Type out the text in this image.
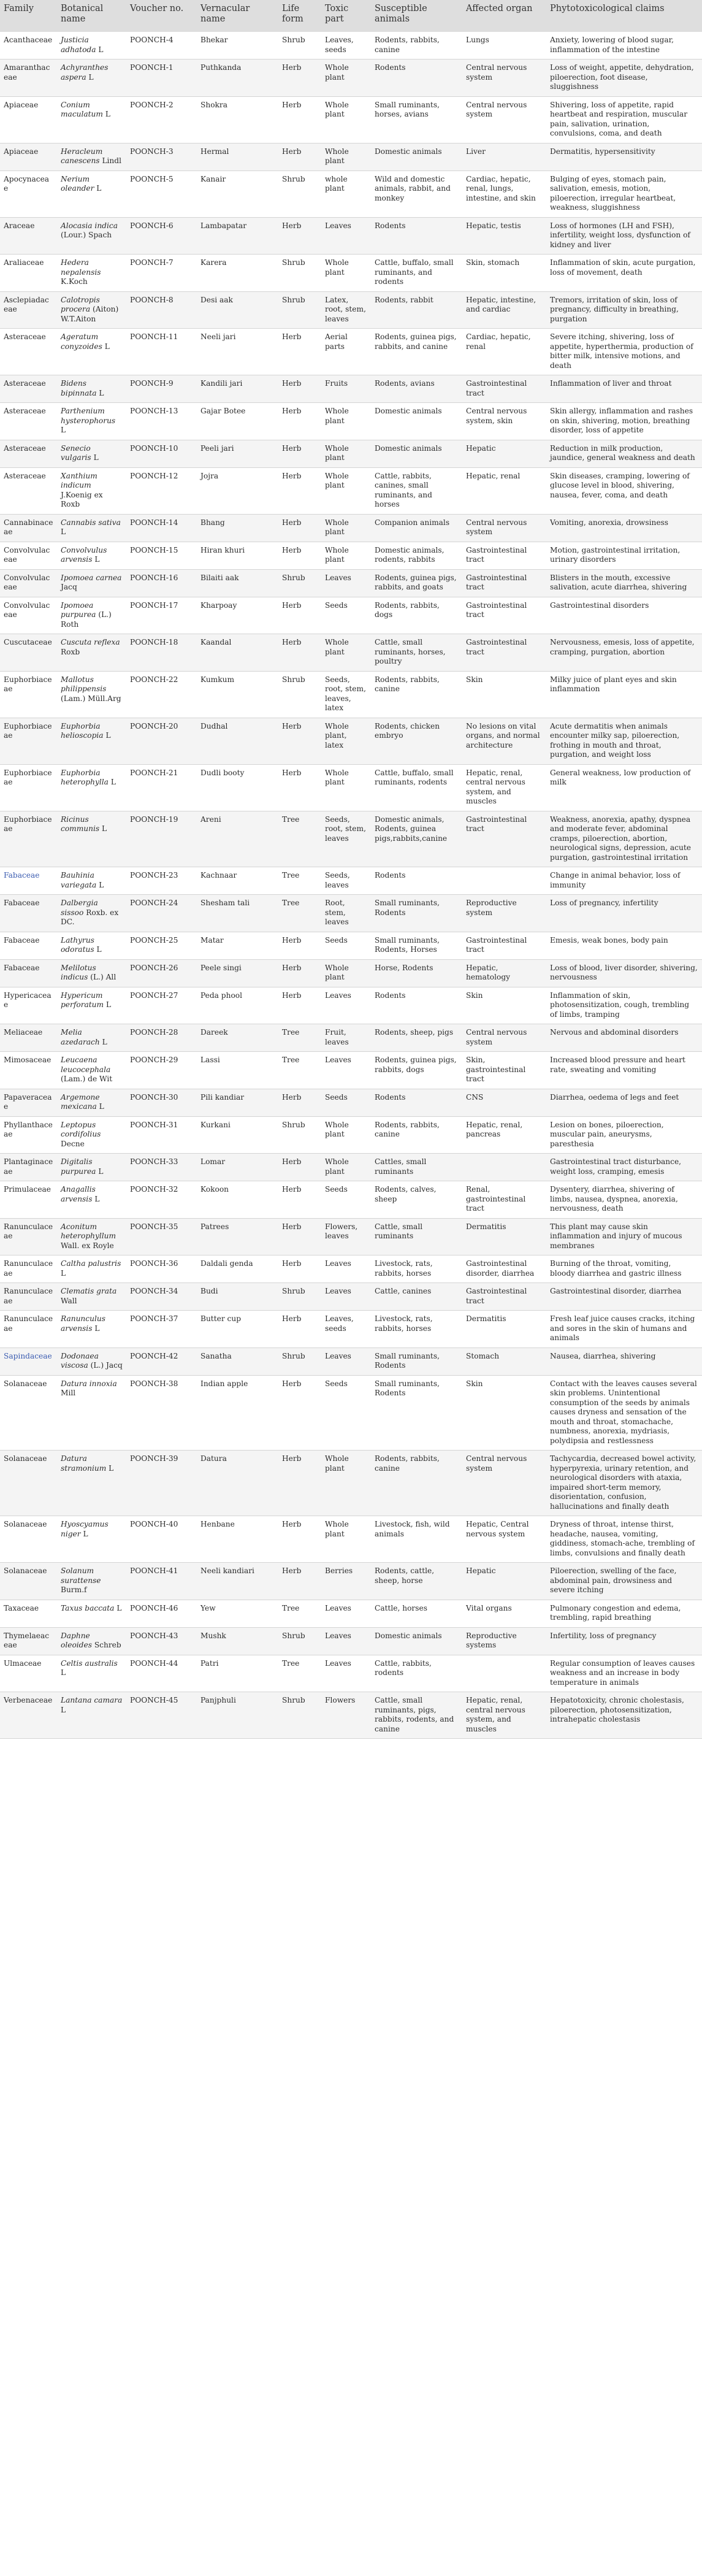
Family	Botanical name	Voucher no.	Vernacular name	Life form	Toxic part	Susceptible animals	Affected organ	Phytotoxicological claims
Acanthaceae	Justicia adhatoda L	POONCH-4	Bhekar	Shrub	Leaves, seeds	Rodents, rabbits, canine	Lungs	Anxiety, lowering of blood sugar, inflammation of the intestine
Amaranthaceae	Achyranthes aspera L	POONCH-1	Puthkanda	Herb	Whole plant	Rodents	Central nervous system	Loss of weight, appetite, dehydration, piloerection, foot disease, sluggishness
Apiaceae	Conium maculatum L	POONCH-2	Shokra	Herb	Whole plant	Small ruminants, horses, avians	Central nervous system	Shivering, loss of appetite, rapid heartbeat and respiration, muscular pain, salivation, urination, convulsions, coma, and death
Apiaceae	Heracleum canescens Lindl	POONCH-3	Hermal	Herb	Whole plant	Domestic animals	Liver	Dermatitis, hypersensitivity
Apocynaceae	Nerium oleander L	POONCH-5	Kanair	Shrub	whole plant	Wild and domestic animals, rabbit, and monkey	Cardiac, hepatic, renal, lungs, intestine, and skin	Bulging of eyes, stomach pain, salivation, emesis, motion, piloerection, irregular heartbeat, weakness, sluggishness
Araceae	Alocasia indica (Lour.) Spach	POONCH-6	Lambapatar	Herb	Leaves	Rodents	Hepatic, testis	Loss of hormones (LH and FSH), infertility, weight loss, dysfunction of kidney and liver
Araliaceae	Hedera nepalensis K.Koch	POONCH-7	Karera	Shrub	Whole plant	Cattle, buffalo, small ruminants, and rodents	Skin, stomach	Inflammation of skin, acute purgation, loss of movement, death
Asclepiadaceae	Calotropis procera (Aiton) W.T.Aiton	POONCH-8	Desi aak	Shrub	Latex, root, stem, leaves	Rodents, rabbit	Hepatic, intestine, and cardiac	Tremors, irritation of skin, loss of pregnancy, difficulty in breathing, purgation
Asteraceae	Ageratum conyzoides L	POONCH-11	Neeli jari	Herb	Aerial parts	Rodents, guinea pigs, rabbits, and canine	Cardiac, hepatic, renal	Severe itching, shivering, loss of appetite, hyperthermia, production of bitter milk, intensive motions, and death
Asteraceae	Bidens bipinnata L	POONCH-9	Kandili jari	Herb	Fruits	Rodents, avians	Gastrointestinal tract	Inflammation of liver and throat
Asteraceae	Parthenium hysterophorus L	POONCH-13	Gajar Botee	Herb	Whole plant	Domestic animals	Central nervous system, skin	Skin allergy, inflammation and rashes on skin, shivering, motion, breathing disorder, loss of appetite
Asteraceae	Senecio vulgaris L	POONCH-10	Peeli jari	Herb	Whole plant	Domestic animals	Hepatic	Reduction in milk production, jaundice, general weakness and death
Asteraceae	Xanthium indicum J.Koenig ex Roxb	POONCH-12	Jojra	Herb	Whole plant	Cattle, rabbits, canines, small ruminants, and horses	Hepatic, renal	Skin diseases, cramping, lowering of glucose level in blood, shivering, nausea, fever, coma, and death
Cannabinaceae	Cannabis sativa L	POONCH-14	Bhang	Herb	Whole plant	Companion animals	Central nervous system	Vomiting, anorexia, drowsiness
Convolvulaceae	Convolvulus arvensis L	POONCH-15	Hiran khuri	Herb	Whole plant	Domestic animals, rodents, rabbits	Gastrointestinal tract	Motion, gastrointestinal irritation, urinary disorders
Convolvulaceae	Ipomoea carnea Jacq	POONCH-16	Bilaiti aak	Shrub	Leaves	Rodents, guinea pigs, rabbits, and goats	Gastrointestinal tract	Blisters in the mouth, excessive salivation, acute diarrhea, shivering
Convolvulaceae	Ipomoea purpurea (L.) Roth	POONCH-17	Kharpoay	Herb	Seeds	Rodents, rabbits, dogs	Gastrointestinal tract	Gastrointestinal disorders
Cuscutaceae	Cuscuta reflexa Roxb	POONCH-18	Kaandal	Herb	Whole plant	Cattle, small ruminants, horses, poultry	Gastrointestinal tract	Nervousness, emesis, loss of appetite, cramping, purgation, abortion
Euphorbiaceae	Mallotus philippensis (Lam.) Müll.Arg	POONCH-22	Kumkum	Shrub	Seeds, root, stem, leaves, latex	Rodents, rabbits, canine	Skin	Milky juice of plant eyes and skin inflammation
Euphorbiaceae	Euphorbia helioscopia L	POONCH-20	Dudhal	Herb	Whole plant, latex	Rodents, chicken embryo	No lesions on vital organs, and normal architecture	Acute dermatitis when animals encounter milky sap, piloerection, frothing in mouth and throat, purgation, and weight loss
Euphorbiaceae	Euphorbia heterophylla L	POONCH-21	Dudli booty	Herb	Whole plant	Cattle, buffalo, small ruminants, rodents	Hepatic, renal, central nervous system, and muscles	General weakness, low production of milk
Euphorbiaceae	Ricinus communis L	POONCH-19	Areni	Tree	Seeds, root, stem, leaves	Domestic animals, Rodents, guinea pigs,rabbits,canine	Gastrointestinal tract	Weakness, anorexia, apathy, dyspnea and moderate fever, abdominal cramps, piloerection, abortion, neurological signs, depression, acute purgation, gastrointestinal irritation
Fabaceae	Bauhinia variegata L	POONCH-23	Kachnaar	Tree	Seeds, leaves	Rodents		Change in animal behavior, loss of immunity
Fabaceae	Dalbergia sissoo Roxb. ex DC.	POONCH-24	Shesham tali	Tree	Root, stem, leaves	Small ruminants, Rodents	Reproductive system	Loss of pregnancy, infertility
Fabaceae	Lathyrus odoratus L	POONCH-25	Matar	Herb	Seeds	Small ruminants, Rodents, Horses	Gastrointestinal tract	Emesis, weak bones, body pain
Fabaceae	Melilotus indicus (L.) All	POONCH-26	Peele singi	Herb	Whole plant	Horse, Rodents	Hepatic, hematology	Loss of blood, liver disorder, shivering, nervousness
Hypericaceae	Hypericum perforatum L	POONCH-27	Peda phool	Herb	Leaves	Rodents	Skin	Inflammation of skin, photosensitization, cough, trembling of limbs, tramping
Meliaceae	Melia azedarach L	POONCH-28	Dareek	Tree	Fruit, leaves	Rodents, sheep, pigs	Central nervous system	Nervous and abdominal disorders
Mimosaceae	Leucaena leucocephala (Lam.) de Wit	POONCH-29	Lassi	Tree	Leaves	Rodents, guinea pigs, rabbits, dogs	Skin, gastrointestinal tract	Increased blood pressure and heart rate, sweating and vomiting
Papaveraceae	Argemone mexicana L	POONCH-30	Pili kandiar	Herb	Seeds	Rodents	CNS	Diarrhea, oedema of legs and feet
Phyllanthaceae	Leptopus cordifolius Decne	POONCH-31	Kurkani	Shrub	Whole plant	Rodents, rabbits, canine	Hepatic, renal, pancreas	Lesion on bones, piloerection, muscular pain, aneurysms, paresthesia
Plantaginaceae	Digitalis purpurea L	POONCH-33	Lomar	Herb	Whole plant	Cattles, small ruminants		Gastrointestinal tract disturbance, weight loss, cramping, emesis
Primulaceae	Anagallis arvensis L	POONCH-32	Kokoon	Herb	Seeds	Rodents, calves, sheep	Renal, gastrointestinal tract	Dysentery, diarrhea, shivering of limbs, nausea, dyspnea, anorexia, nervousness, death
Ranunculaceae	Aconitum heterophyllum Wall. ex Royle	POONCH-35	Patrees	Herb	Flowers, leaves	Cattle, small ruminants	Dermatitis	This plant may cause skin inflammation and injury of mucous membranes
Ranunculaceae	Caltha palustris L	POONCH-36	Daldali genda	Herb	Leaves	Livestock, rats, rabbits, horses	Gastrointestinal disorder, diarrhea	Burning of the throat, vomiting, bloody diarrhea and gastric illness
Ranunculaceae	Clematis grata Wall	POONCH-34	Budi	Shrub	Leaves	Cattle, canines	Gastrointestinal tract	Gastrointestinal disorder, diarrhea
Ranunculaceae	Ranunculus arvensis L	POONCH-37	Butter cup	Herb	Leaves, seeds	Livestock, rats, rabbits, horses	Dermatitis	Fresh leaf juice causes cracks, itching and sores in the skin of humans and animals
Sapindaceae	Dodonaea viscosa (L.) Jacq	POONCH-42	Sanatha	Shrub	Leaves	Small ruminants, Rodents	Stomach	Nausea, diarrhea, shivering
Solanaceae	Datura innoxia Mill	POONCH-38	Indian apple	Herb	Seeds	Small ruminants, Rodents	Skin	Contact with the leaves causes several skin problems. Unintentional consumption of the seeds by animals causes dryness and sensation of the mouth and throat, stomachache, numbness, anorexia, mydriasis, polydipsia and restlessness
Solanaceae	Datura stramonium L	POONCH-39	Datura	Herb	Whole plant	Rodents, rabbits, canine	Central nervous system	Tachycardia, decreased bowel activity, hyperpyrexia, urinary retention, and neurological disorders with ataxia, impaired short-term memory, disorientation, confusion, hallucinations and finally death
Solanaceae	Hyoscyamus niger L	POONCH-40	Henbane	Herb	Whole plant	Livestock, fish, wild animals	Hepatic, Central nervous system	Dryness of throat, intense thirst, headache, nausea, vomiting, giddiness, stomach-ache, trembling of limbs, convulsions and finally death
Solanaceae	Solanum surattense Burm.f	POONCH-41	Neeli kandiari	Herb	Berries	Rodents, cattle, sheep, horse	Hepatic	Piloerection, swelling of the face, abdominal pain, drowsiness and severe itching
Taxaceae	Taxus baccata L	POONCH-46	Yew	Tree	Leaves	Cattle, horses	Vital organs	Pulmonary congestion and edema, trembling, rapid breathing
Thymelaeaceae	Daphne oleoides Schreb	POONCH-43	Mushk	Shrub	Leaves	Domestic animals	Reproductive systems	Infertility, loss of pregnancy
Ulmaceae	Celtis australis L	POONCH-44	Patri	Tree	Leaves	Cattle, rabbits, rodents		Regular consumption of leaves causes weakness and an increase in body temperature in animals
Verbenaceae	Lantana camara L	POONCH-45	Panjphuli	Shrub	Flowers	Cattle, small ruminants, pigs, rabbits, rodents, and canine	Hepatic, renal, central nervous system, and muscles	Hepatotoxicity, chronic cholestasis, piloerection, photosensitization, intrahepatic cholestasis
